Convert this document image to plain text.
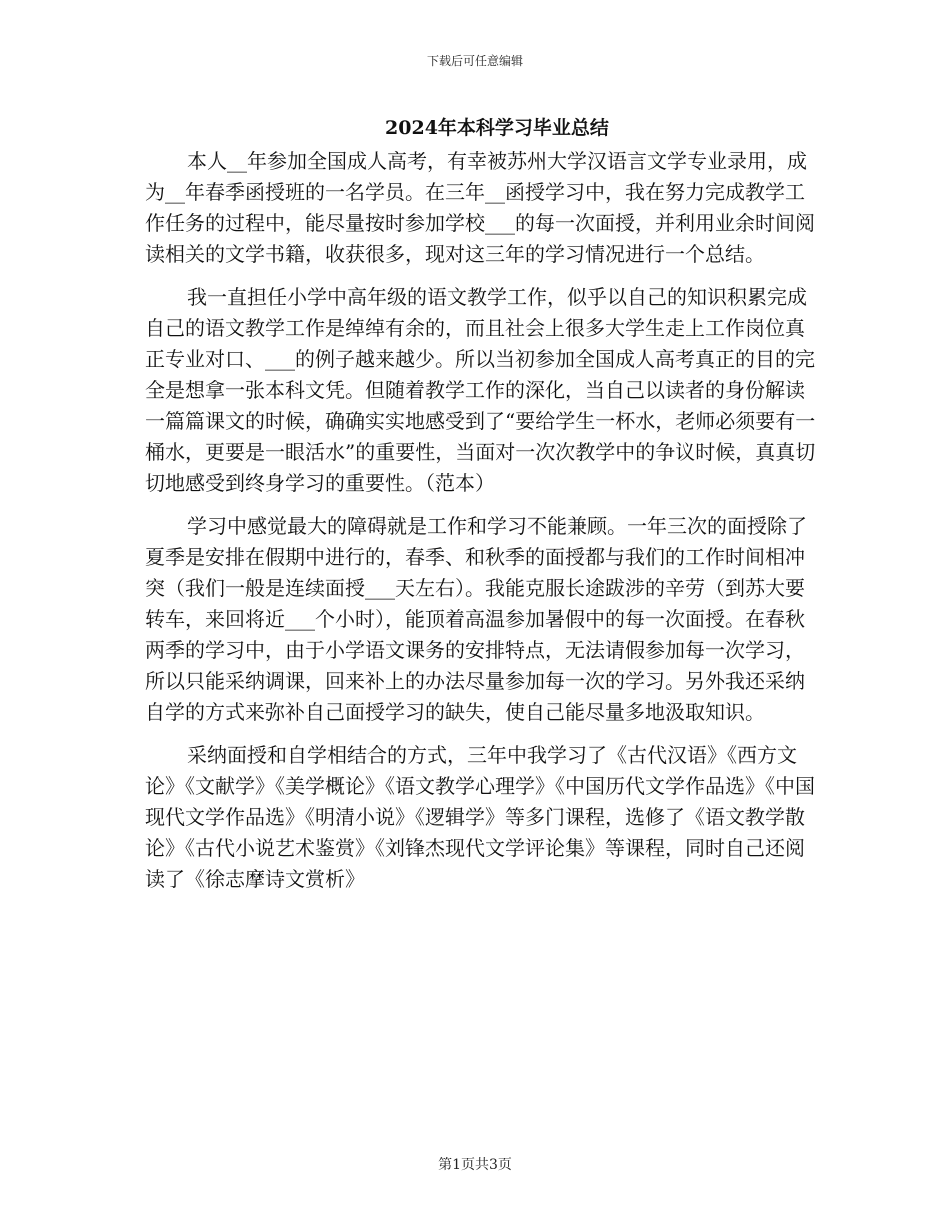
下载后可任意编辑
2024年本科学习毕业总结

本人__年参加全国成人高考，有幸被苏州大学汉语言文学专业录用，成为__年春季函授班的一名学员。在三年__函授学习中，我在努力完成教学工作任务的过程中，能尽量按时参加学校___的每一次面授，并利用业余时间阅读相关的文学书籍，收获很多，现对这三年的学习情况进行一个总结。

我一直担任小学中高年级的语文教学工作，似乎以自己的知识积累完成自己的语文教学工作是绰绰有余的，而且社会上很多大学生走上工作岗位真正专业对口、___的例子越来越少。所以当初参加全国成人高考真正的目的完全是想拿一张本科文凭。但随着教学工作的深化，当自己以读者的身份解读一篇篇课文的时候，确确实实地感受到了“要给学生一杯水，老师必须要有一桶水，更要是一眼活水”的重要性，当面对一次次教学中的争议时候，真真切切地感受到终身学习的重要性。（范本）

学习中感觉最大的障碍就是工作和学习不能兼顾。一年三次的面授除了夏季是安排在假期中进行的，春季、和秋季的面授都与我们的工作时间相冲突（我们一般是连续面授___天左右）。我能克服长途跋涉的辛劳（到苏大要转车，来回将近___个小时），能顶着高温参加暑假中的每一次面授。在春秋两季的学习中，由于小学语文课务的安排特点，无法请假参加每一次学习，所以只能采纳调课，回来补上的办法尽量参加每一次的学习。另外我还采纳自学的方式来弥补自己面授学习的缺失，使自己能尽量多地汲取知识。

采纳面授和自学相结合的方式，三年中我学习了《古代汉语》《西方文论》《文献学》《美学概论》《语文教学心理学》《中国历代文学作品选》《中国现代文学作品选》《明清小说》《逻辑学》等多门课程，选修了《语文教学散论》《古代小说艺术鉴赏》《刘锋杰现代文学评论集》等课程，同时自己还阅读了《徐志摩诗文赏析》

第1页共3页
